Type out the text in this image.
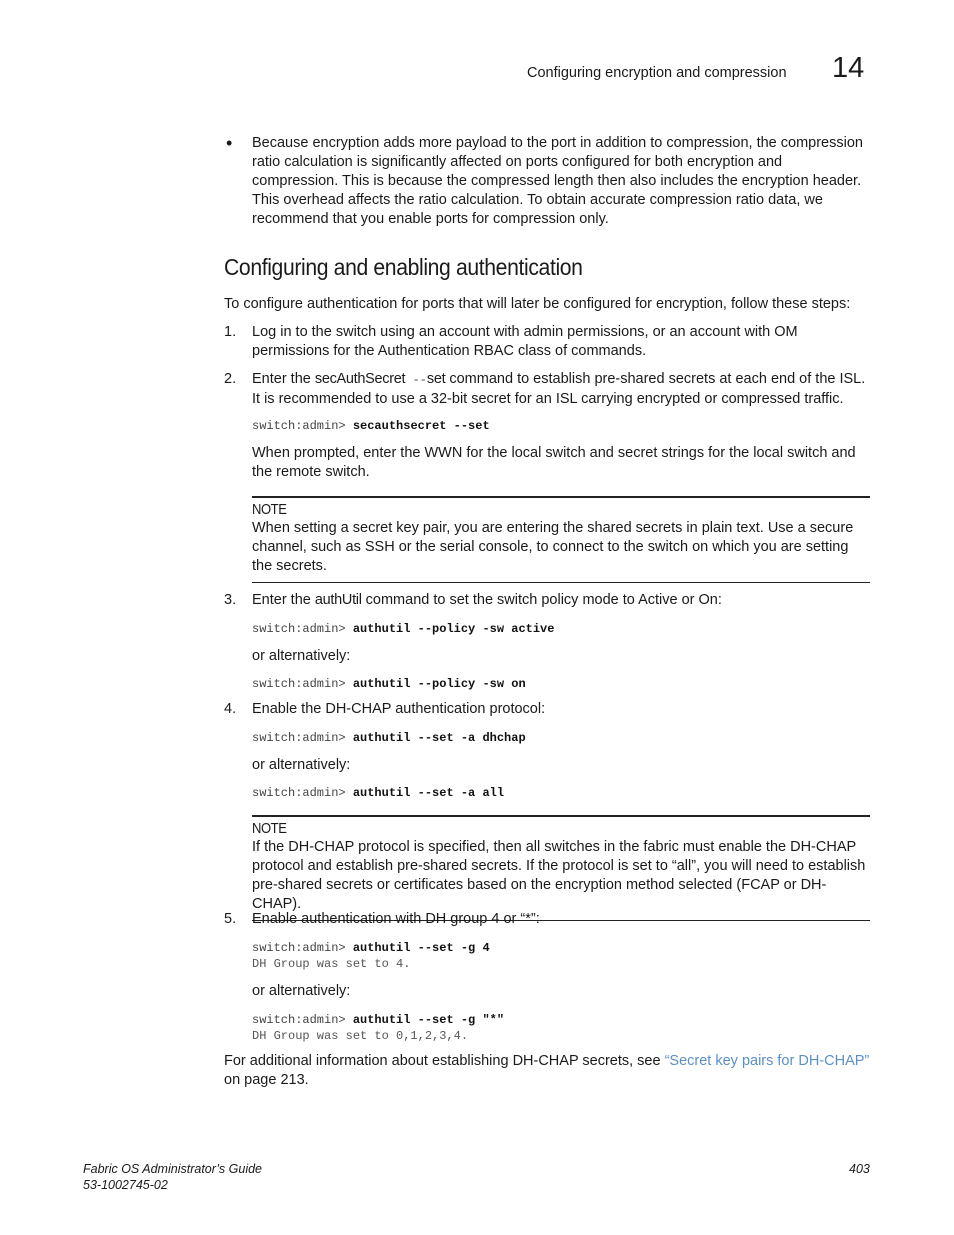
Configuring encryption and compression 14
• Because encryption adds more payload to the port in addition to compression, the compression ratio calculation is significantly affected on ports configured for both encryption and compression. This is because the compressed length then also includes the encryption header. This overhead affects the ratio calculation. To obtain accurate compression ratio data, we recommend that you enable ports for compression only.
Configuring and enabling authentication
To configure authentication for ports that will later be configured for encryption, follow these steps:
1. Log in to the switch using an account with admin permissions, or an account with OM permissions for the Authentication RBAC class of commands.
2. Enter the secAuthSecret --set command to establish pre-shared secrets at each end of the ISL. It is recommended to use a 32-bit secret for an ISL carrying encrypted or compressed traffic.
switch:admin> secauthsecret --set
When prompted, enter the WWN for the local switch and secret strings for the local switch and the remote switch.
NOTE
When setting a secret key pair, you are entering the shared secrets in plain text. Use a secure channel, such as SSH or the serial console, to connect to the switch on which you are setting the secrets.
3. Enter the authUtil command to set the switch policy mode to Active or On:
switch:admin> authutil --policy -sw active
or alternatively:
switch:admin> authutil --policy -sw on
4. Enable the DH-CHAP authentication protocol:
switch:admin> authutil --set -a dhchap
or alternatively:
switch:admin> authutil --set -a all
NOTE
If the DH-CHAP protocol is specified, then all switches in the fabric must enable the DH-CHAP protocol and establish pre-shared secrets. If the protocol is set to “all”, you will need to establish pre-shared secrets or certificates based on the encryption method selected (FCAP or DH-CHAP).
5. Enable authentication with DH group 4 or “*”:
switch:admin> authutil --set -g 4
DH Group was set to 4.
or alternatively:
switch:admin> authutil --set -g "*"
DH Group was set to 0,1,2,3,4.
For additional information about establishing DH-CHAP secrets, see “Secret key pairs for DH-CHAP” on page 213.
Fabric OS Administrator’s Guide
53-1002745-02
403
